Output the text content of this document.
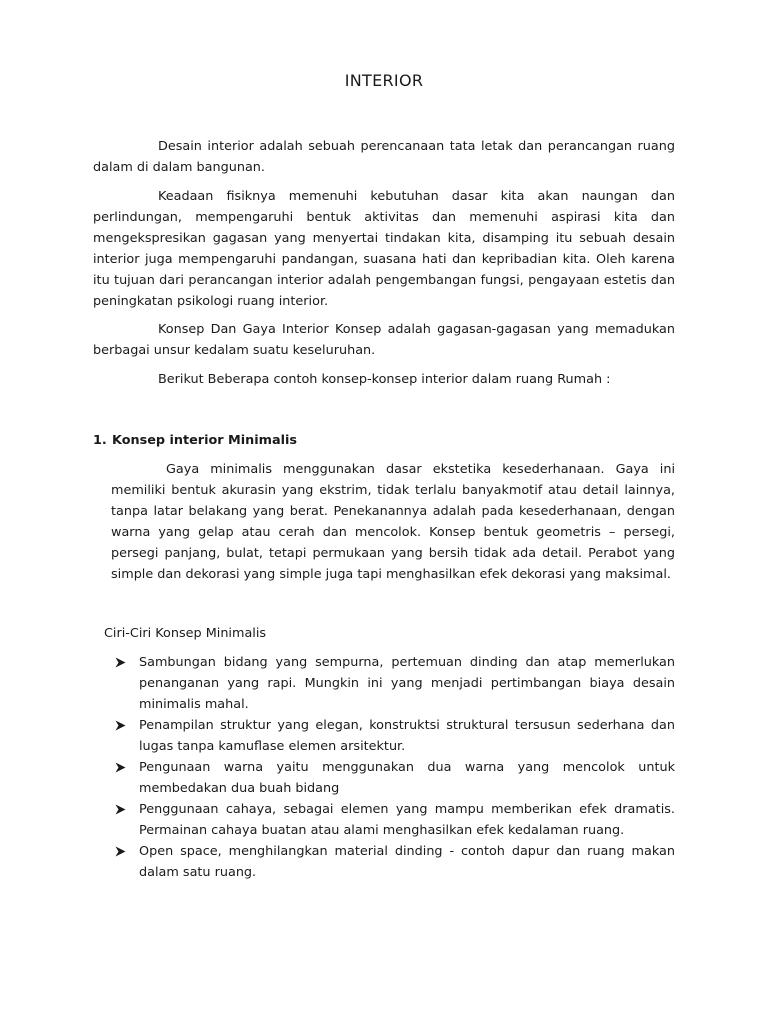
INTERIOR

Desain interior adalah sebuah perencanaan tata letak dan perancangan ruang dalam di dalam bangunan.

Keadaan fisiknya memenuhi kebutuhan dasar kita akan naungan dan perlindungan, mempengaruhi bentuk aktivitas dan memenuhi aspirasi kita dan mengekspresikan gagasan yang menyertai tindakan kita, disamping itu sebuah desain interior juga mempengaruhi pandangan, suasana hati dan kepribadian kita. Oleh karena itu tujuan dari perancangan interior adalah pengembangan fungsi, pengayaan estetis dan peningkatan psikologi ruang interior.

Konsep Dan Gaya Interior Konsep adalah gagasan-gagasan yang memadukan berbagai unsur kedalam suatu keseluruhan.

Berikut Beberapa contoh konsep-konsep interior dalam ruang Rumah :

1. Konsep interior Minimalis

Gaya minimalis menggunakan dasar ekstetika kesederhanaan. Gaya ini memiliki bentuk akurasin yang ekstrim, tidak terlalu banyakmotif atau detail lainnya, tanpa latar belakang yang berat. Penekanannya adalah pada kesederhanaan, dengan warna yang gelap atau cerah dan mencolok. Konsep bentuk geometris – persegi, persegi panjang, bulat, tetapi permukaan yang bersih tidak ada detail. Perabot yang simple dan dekorasi yang simple juga tapi menghasilkan efek dekorasi yang maksimal.

Ciri-Ciri Konsep Minimalis
Sambungan bidang yang sempurna, pertemuan dinding dan atap memerlukan penanganan yang rapi. Mungkin ini yang menjadi pertimbangan biaya desain minimalis mahal.
Penampilan struktur yang elegan, konstruktsi struktural tersusun sederhana dan lugas tanpa kamuflase elemen arsitektur.
Pengunaan warna yaitu menggunakan dua warna yang mencolok untuk membedakan dua buah bidang
Penggunaan cahaya, sebagai elemen yang mampu memberikan efek dramatis. Permainan cahaya buatan atau alami menghasilkan efek kedalaman ruang.
Open space, menghilangkan material dinding - contoh dapur dan ruang makan dalam satu ruang.
